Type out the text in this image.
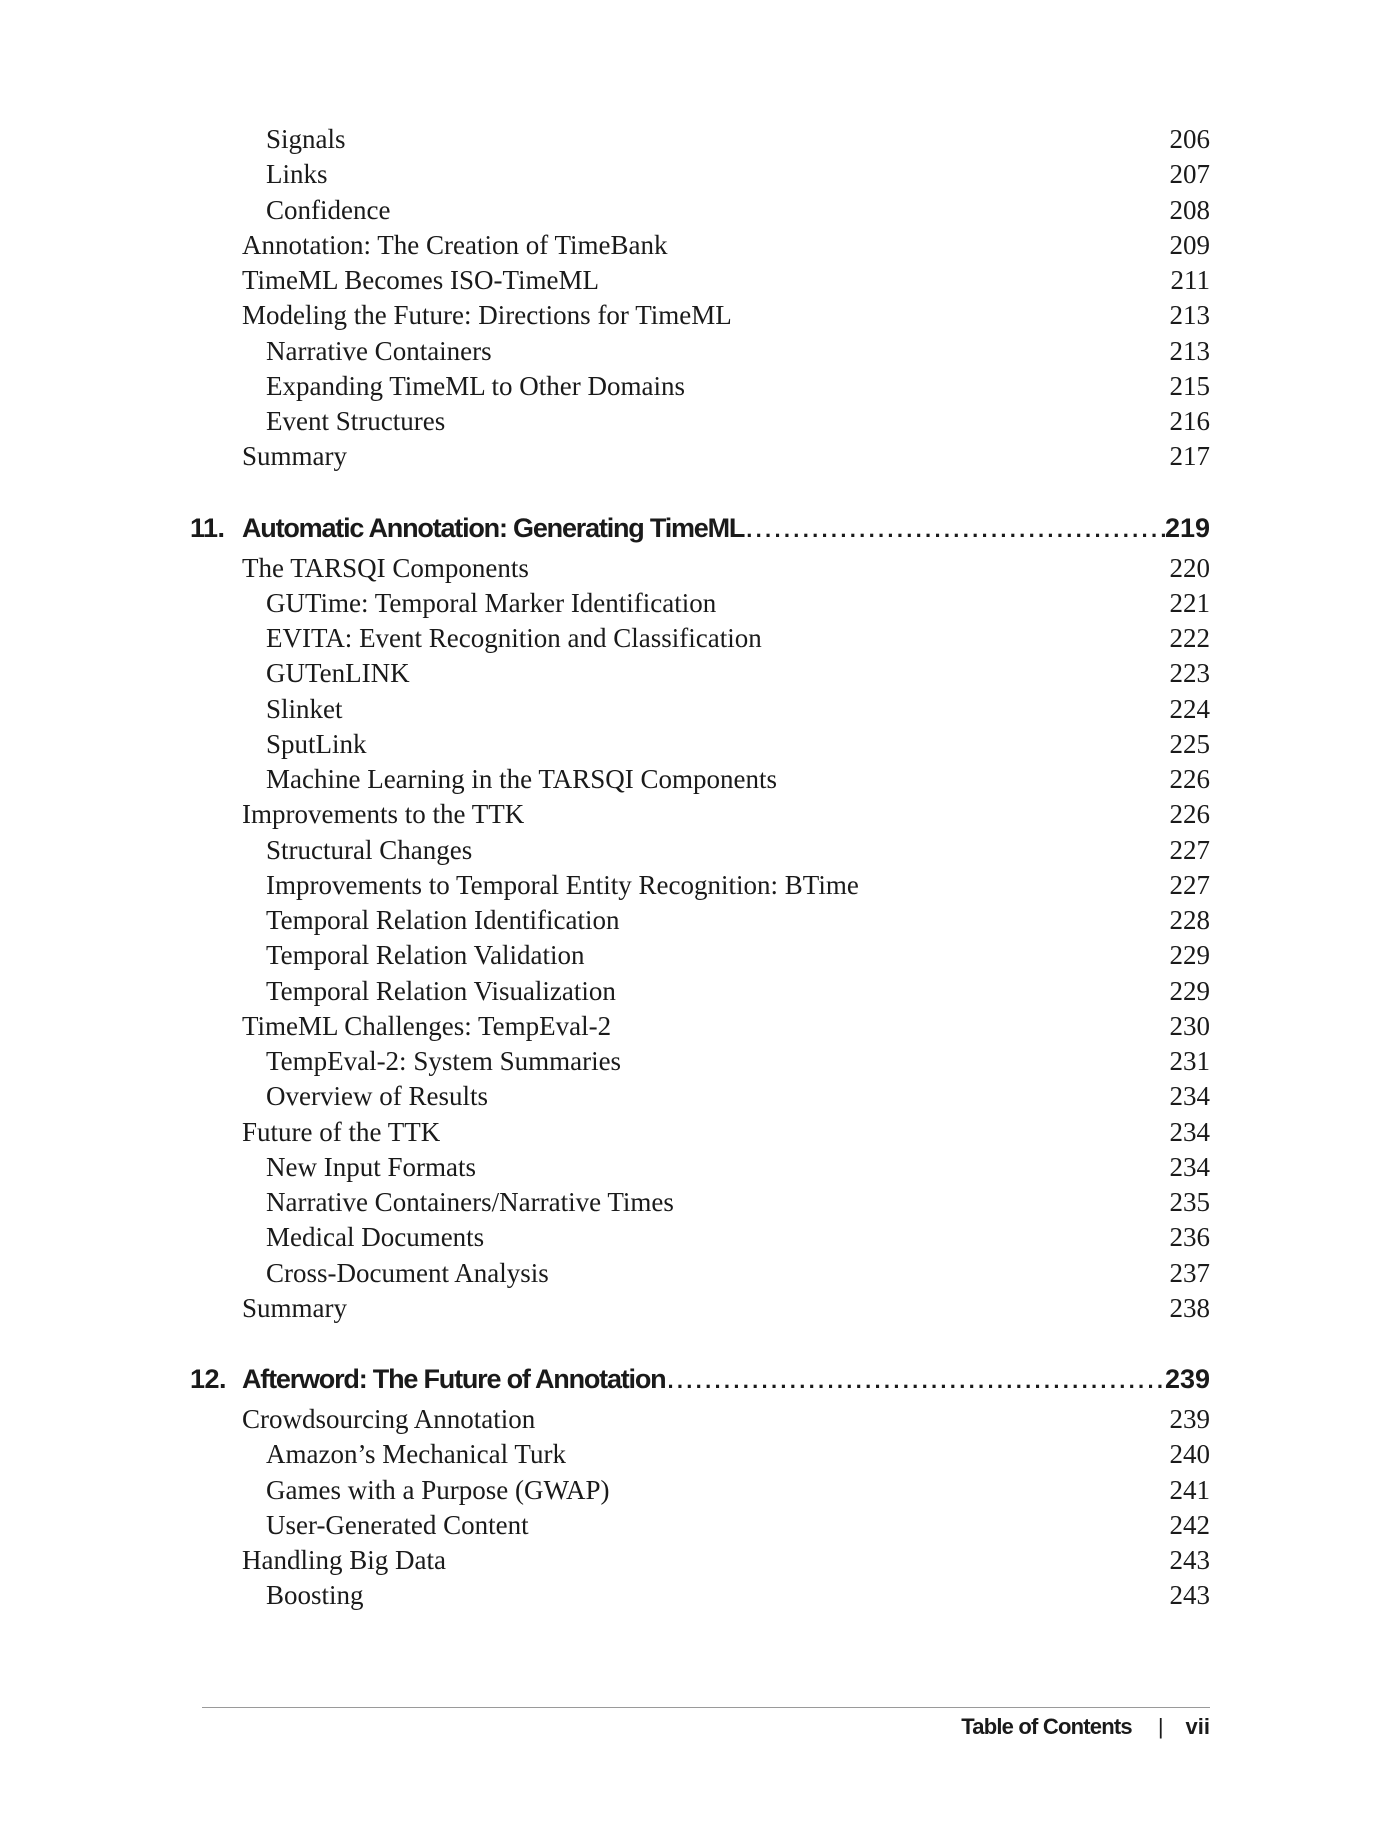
Signals	206
Links	207
Confidence	208
Annotation: The Creation of TimeBank	209
TimeML Becomes ISO-TimeML	211
Modeling the Future: Directions for TimeML	213
Narrative Containers	213
Expanding TimeML to Other Domains	215
Event Structures	216
Summary	217
11. Automatic Annotation: Generating TimeML .....	219
The TARSQI Components	220
GUTime: Temporal Marker Identification	221
EVITA: Event Recognition and Classification	222
GUTenLINK	223
Slinket	224
SputLink	225
Machine Learning in the TARSQI Components	226
Improvements to the TTK	226
Structural Changes	227
Improvements to Temporal Entity Recognition: BTime	227
Temporal Relation Identification	228
Temporal Relation Validation	229
Temporal Relation Visualization	229
TimeML Challenges: TempEval-2	230
TempEval-2: System Summaries	231
Overview of Results	234
Future of the TTK	234
New Input Formats	234
Narrative Containers/Narrative Times	235
Medical Documents	236
Cross-Document Analysis	237
Summary	238
12. Afterword: The Future of Annotation .....	239
Crowdsourcing Annotation	239
Amazon’s Mechanical Turk	240
Games with a Purpose (GWAP)	241
User-Generated Content	242
Handling Big Data	243
Boosting	243
Table of Contents | vii
